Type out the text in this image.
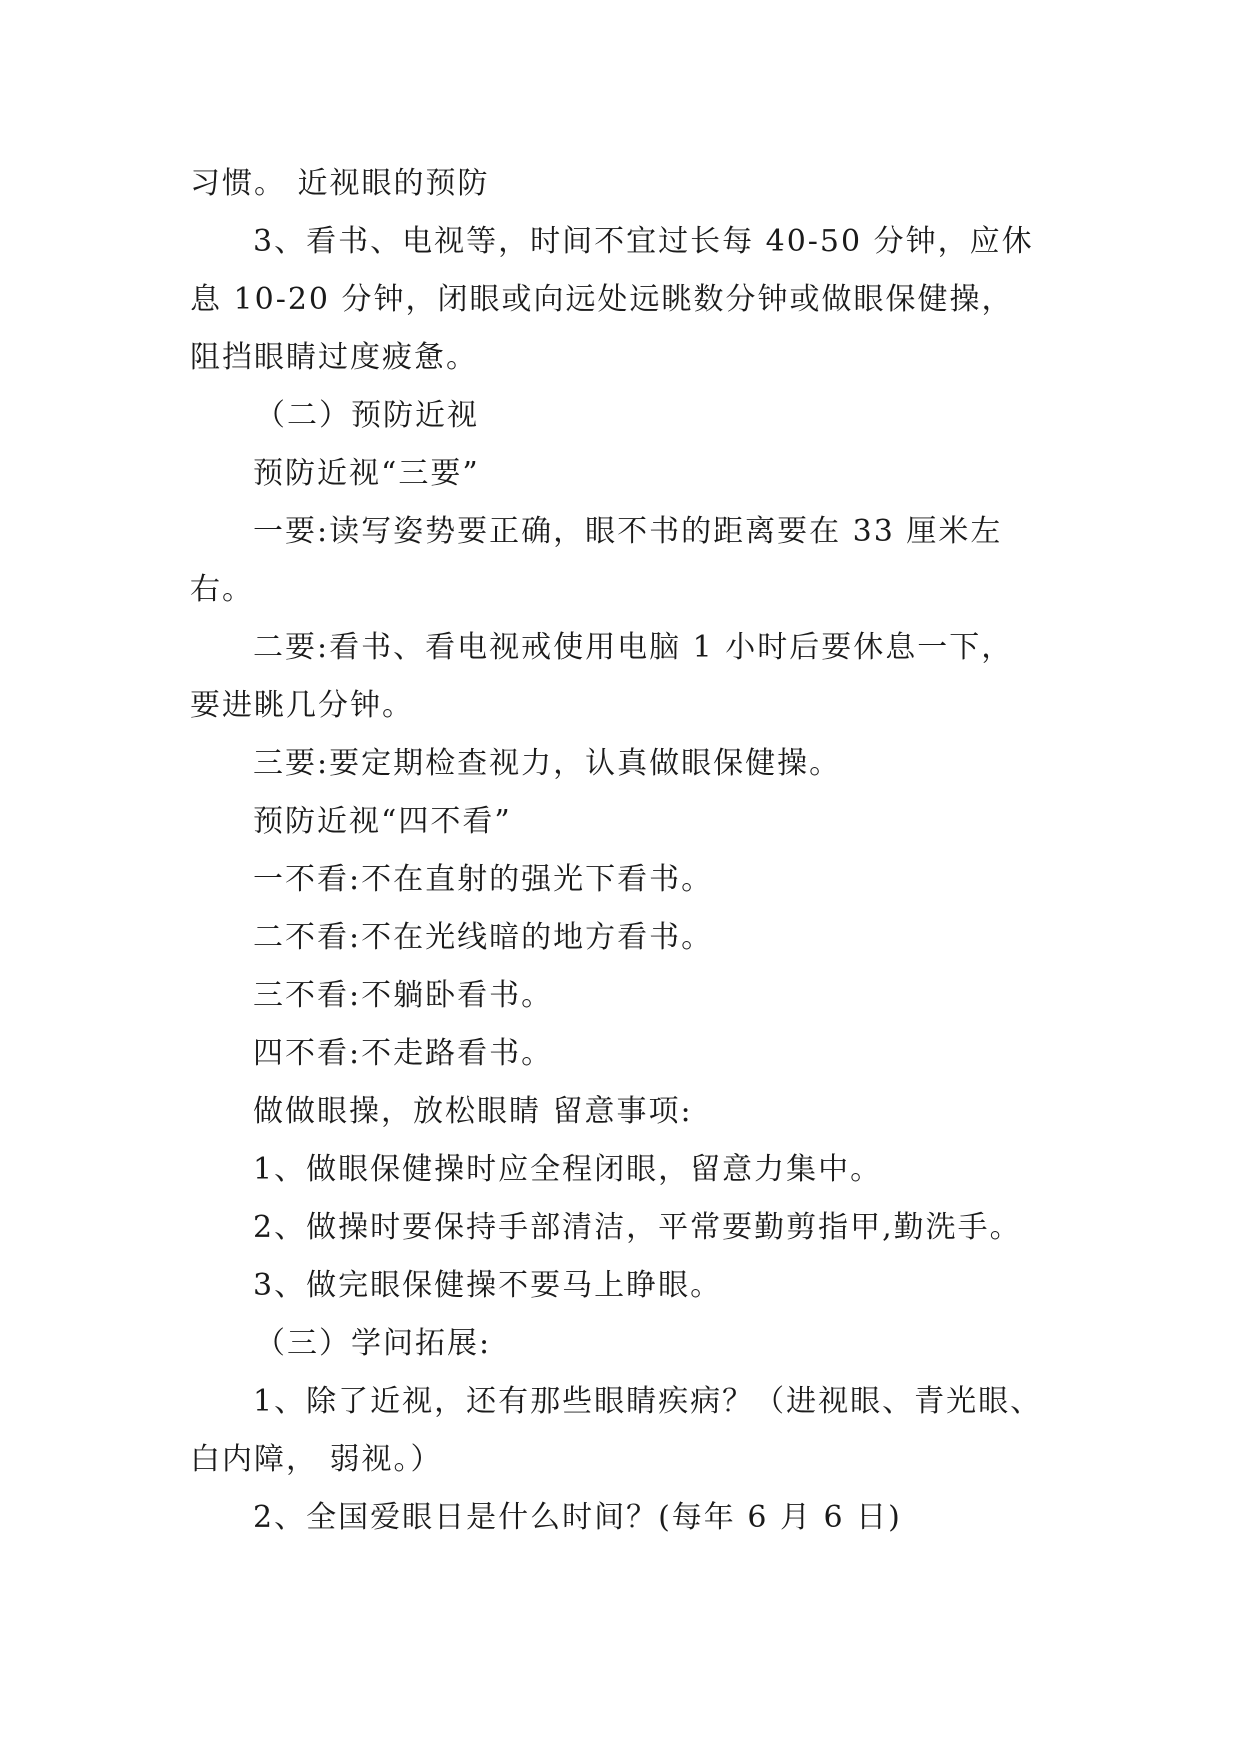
习惯。 近视眼的预防
3、看书、电视等，时间不宜过长每 40-50 分钟，应休
息 10-20 分钟，闭眼或向远处远眺数分钟或做眼保健操，
阻挡眼睛过度疲惫。
（二）预防近视
预防近视“三要”
一要:读写姿势要正确，眼不书的距离要在 33 厘米左
右。
二要:看书、看电视戒使用电脑 1 小时后要休息一下，
要进眺几分钟。
三要:要定期检查视力，认真做眼保健操。
预防近视“四不看”
一不看:不在直射的强光下看书。
二不看:不在光线暗的地方看书。
三不看:不躺卧看书。
四不看:不走路看书。
做做眼操，放松眼睛 留意事项:
1、做眼保健操时应全程闭眼，留意力集中。
2、做操时要保持手部清洁，平常要勤剪指甲,勤洗手。
3、做完眼保健操不要马上睁眼。
（三）学问拓展:
1、除了近视，还有那些眼睛疾病？（进视眼、青光眼、
白内障， 弱视。）
2、全国爱眼日是什么时间？(每年 6 月 6 日)
